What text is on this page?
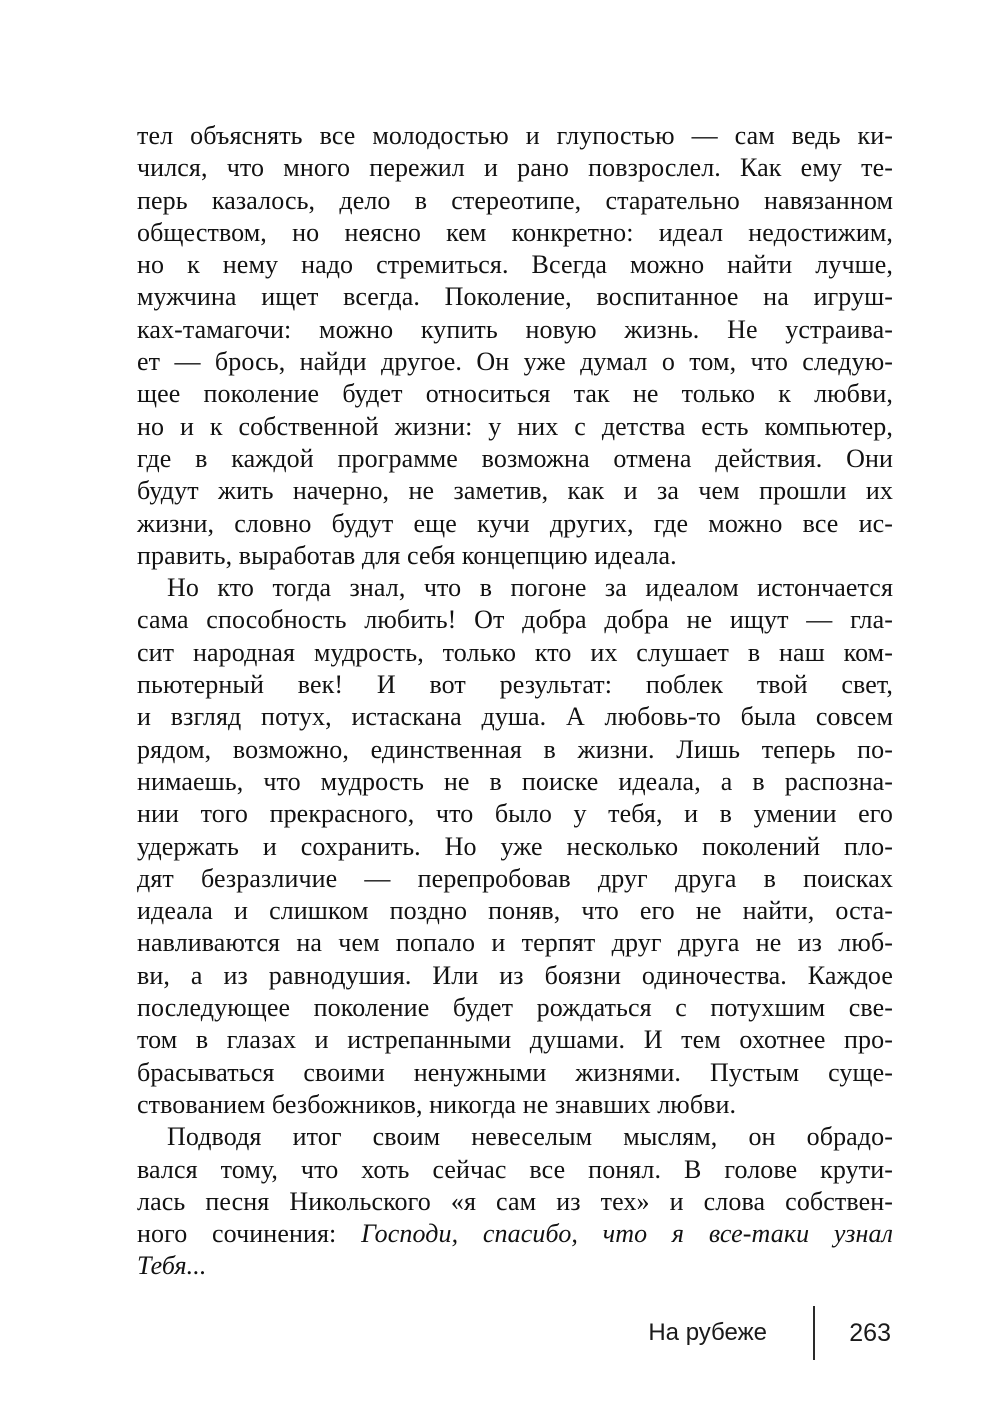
тел объяснять все молодостью и глупостью — сам ведь ки-
чился, что много пережил и рано повзрослел. Как ему те-
перь казалось, дело в стереотипе, старательно навязанном
обществом, но неясно кем конкретно: идеал недостижим,
но к нему надо стремиться. Всегда можно найти лучше,
мужчина ищет всегда. Поколение, воспитанное на игруш-
ках-тамагочи: можно купить новую жизнь. Не устраива-
ет — брось, найди другое. Он уже думал о том, что следую-
щее поколение будет относиться так не только к любви,
но и к собственной жизни: у них с детства есть компьютер,
где в каждой программе возможна отмена действия. Они
будут жить начерно, не заметив, как и за чем прошли их
жизни, словно будут еще кучи других, где можно все ис-
править, выработав для себя концепцию идеала.
Но кто тогда знал, что в погоне за идеалом истончается
сама способность любить! От добра добра не ищут — гла-
сит народная мудрость, только кто их слушает в наш ком-
пьютерный век! И вот результат: поблек твой свет,
и взгляд потух, истаскана душа. А любовь-то была совсем
рядом, возможно, единственная в жизни. Лишь теперь по-
нимаешь, что мудрость не в поиске идеала, а в распозна-
нии того прекрасного, что было у тебя, и в умении его
удержать и сохранить. Но уже несколько поколений пло-
дят безразличие — перепробовав друг друга в поисках
идеала и слишком поздно поняв, что его не найти, оста-
навливаются на чем попало и терпят друг друга не из люб-
ви, а из равнодушия. Или из боязни одиночества. Каждое
последующее поколение будет рождаться с потухшим све-
том в глазах и истрепанными душами. И тем охотнее про-
брасываться своими ненужными жизнями. Пустым суще-
ствованием безбожников, никогда не знавших любви.
Подводя итог своим невеселым мыслям, он обрадо-
вался тому, что хоть сейчас все понял. В голове крути-
лась песня Никольского «я сам из тех» и слова собствен-
ного сочинения: Господи, спасибо, что я все-таки узнал
Тебя...
На рубеже	263
